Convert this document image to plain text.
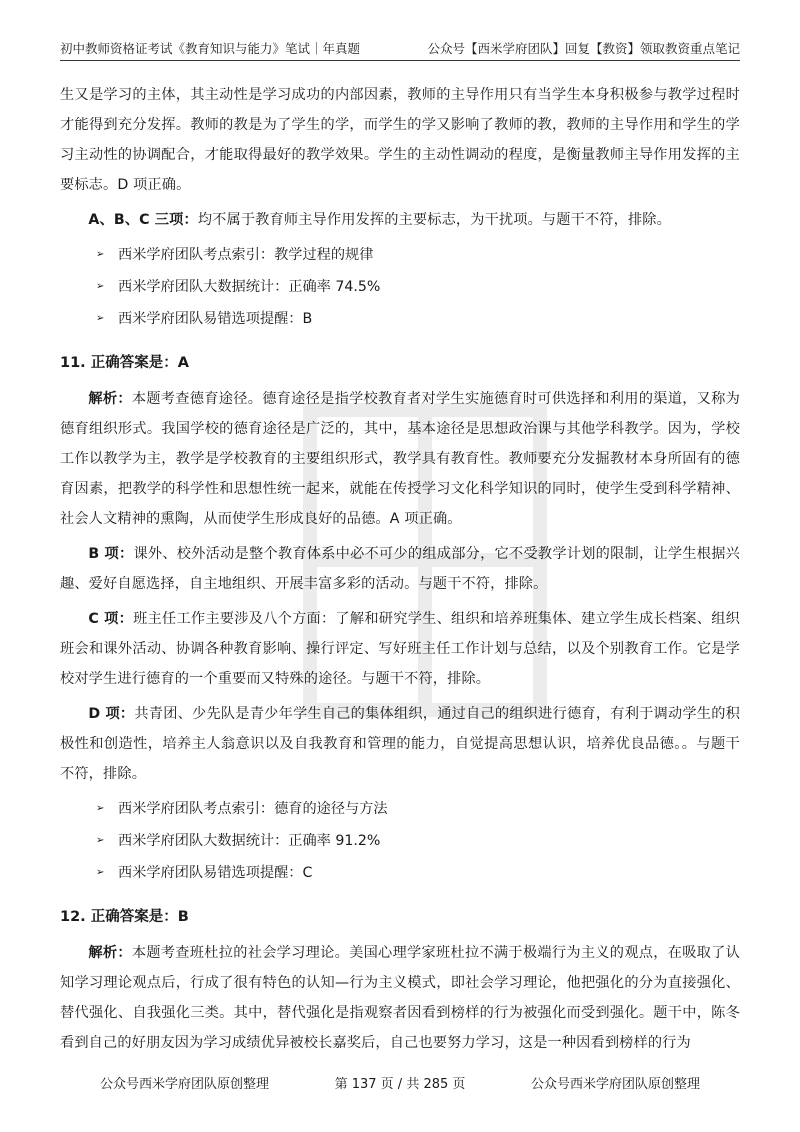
初中教师资格证考试《教育知识与能力》笔试｜年真题	公众号【西米学府团队】回复【教资】领取教资重点笔记

生又是学习的主体，其主动性是学习成功的内部因素，教师的主导作用只有当学生本身积极参与教学过程时才能得到充分发挥。教师的教是为了学生的学，而学生的学又影响了教师的教，教师的主导作用和学生的学习主动性的协调配合，才能取得最好的教学效果。学生的主动性调动的程度，是衡量教师主导作用发挥的主要标志。D 项正确。

A、B、C 三项：均不属于教育师主导作用发挥的主要标志，为干扰项。与题干不符，排除。

➢ 西米学府团队考点索引：教学过程的规律
➢ 西米学府团队大数据统计：正确率 74.5%
➢ 西米学府团队易错选项提醒：B
11. 正确答案是：A

解析：本题考查德育途径。德育途径是指学校教育者对学生实施德育时可供选择和利用的渠道，又称为德育组织形式。我国学校的德育途径是广泛的，其中，基本途径是思想政治课与其他学科教学。因为，学校工作以教学为主，教学是学校教育的主要组织形式，教学具有教育性。教师要充分发掘教材本身所固有的德育因素，把教学的科学性和思想性统一起来，就能在传授学习文化科学知识的同时，使学生受到科学精神、社会人文精神的熏陶，从而使学生形成良好的品德。A 项正确。

B 项：课外、校外活动是整个教育体系中必不可少的组成部分，它不受教学计划的限制，让学生根据兴趣、爱好自愿选择，自主地组织、开展丰富多彩的活动。与题干不符，排除。

C 项：班主任工作主要涉及八个方面：了解和研究学生、组织和培养班集体、建立学生成长档案、组织班会和课外活动、协调各种教育影响、操行评定、写好班主任工作计划与总结，以及个别教育工作。它是学校对学生进行德育的一个重要而又特殊的途径。与题干不符，排除。

D 项：共青团、少先队是青少年学生自己的集体组织，通过自己的组织进行德育，有利于调动学生的积极性和创造性，培养主人翁意识以及自我教育和管理的能力，自觉提高思想认识，培养优良品德。。与题干不符，排除。

➢ 西米学府团队考点索引：德育的途径与方法
➢ 西米学府团队大数据统计：正确率 91.2%
➢ 西米学府团队易错选项提醒：C
12. 正确答案是：B

解析：本题考查班杜拉的社会学习理论。美国心理学家班杜拉不满于极端行为主义的观点，在吸取了认知学习理论观点后，行成了很有特色的认知—行为主义模式，即社会学习理论，他把强化的分为直接强化、替代强化、自我强化三类。其中，替代强化是指观察者因看到榜样的行为被强化而受到强化。题干中，陈冬看到自己的好朋友因为学习成绩优异被校长嘉奖后，自己也要努力学习，这是一种因看到榜样的行为

公众号西米学府团队原创整理	第 137 页 / 共 285 页	公众号西米学府团队原创整理
